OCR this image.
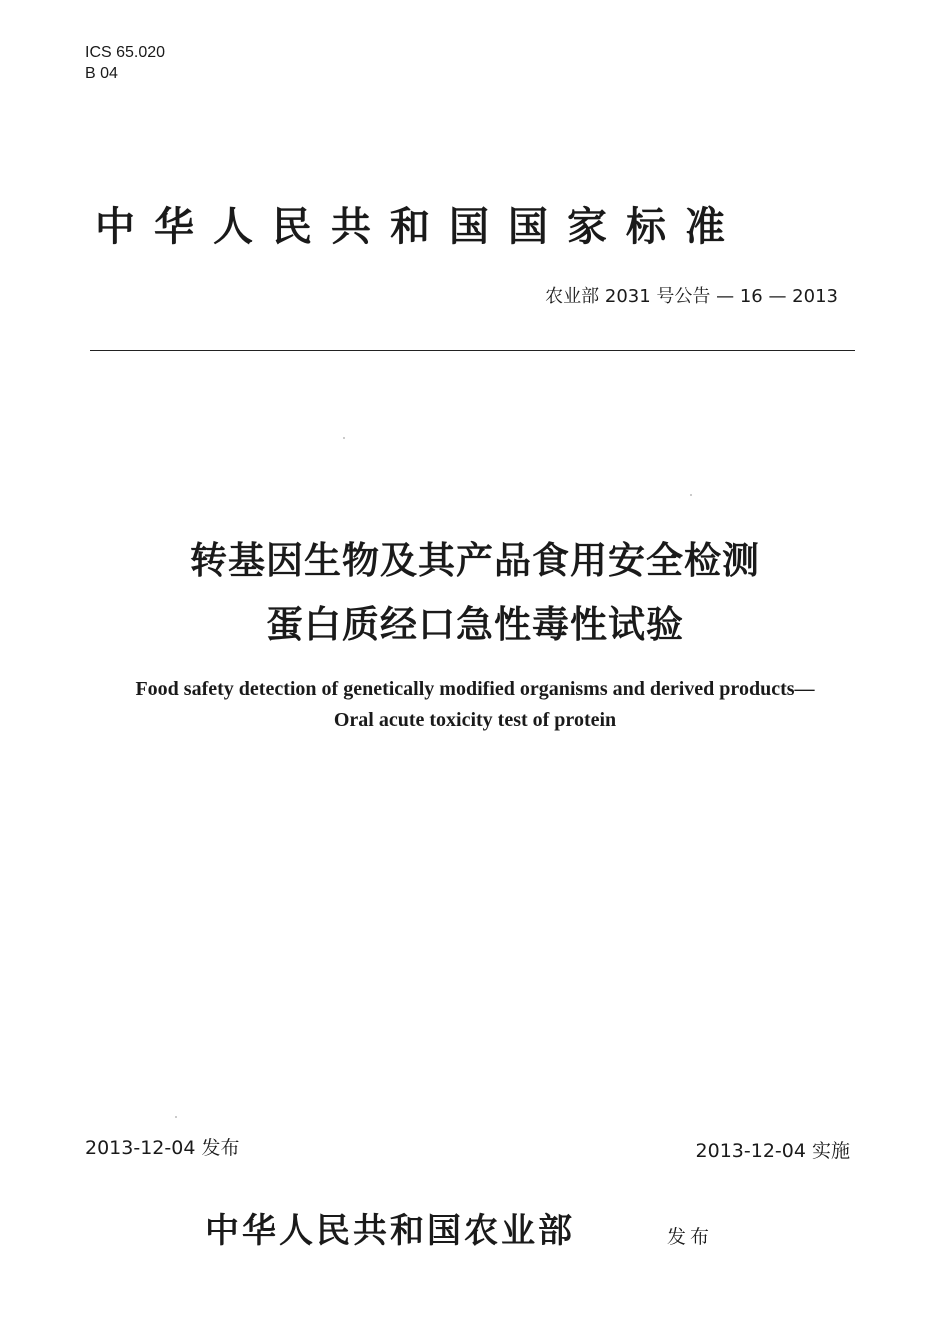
ICS 65.020
B 04
中华人民共和国国家标准
农业部 2031 号公告 — 16 — 2013
转基因生物及其产品食用安全检测
蛋白质经口急性毒性试验
Food safety detection of genetically modified organisms and derived products—
Oral acute toxicity test of protein
2013-12-04 发布	2013-12-04 实施
中华人民共和国农业部	发布
